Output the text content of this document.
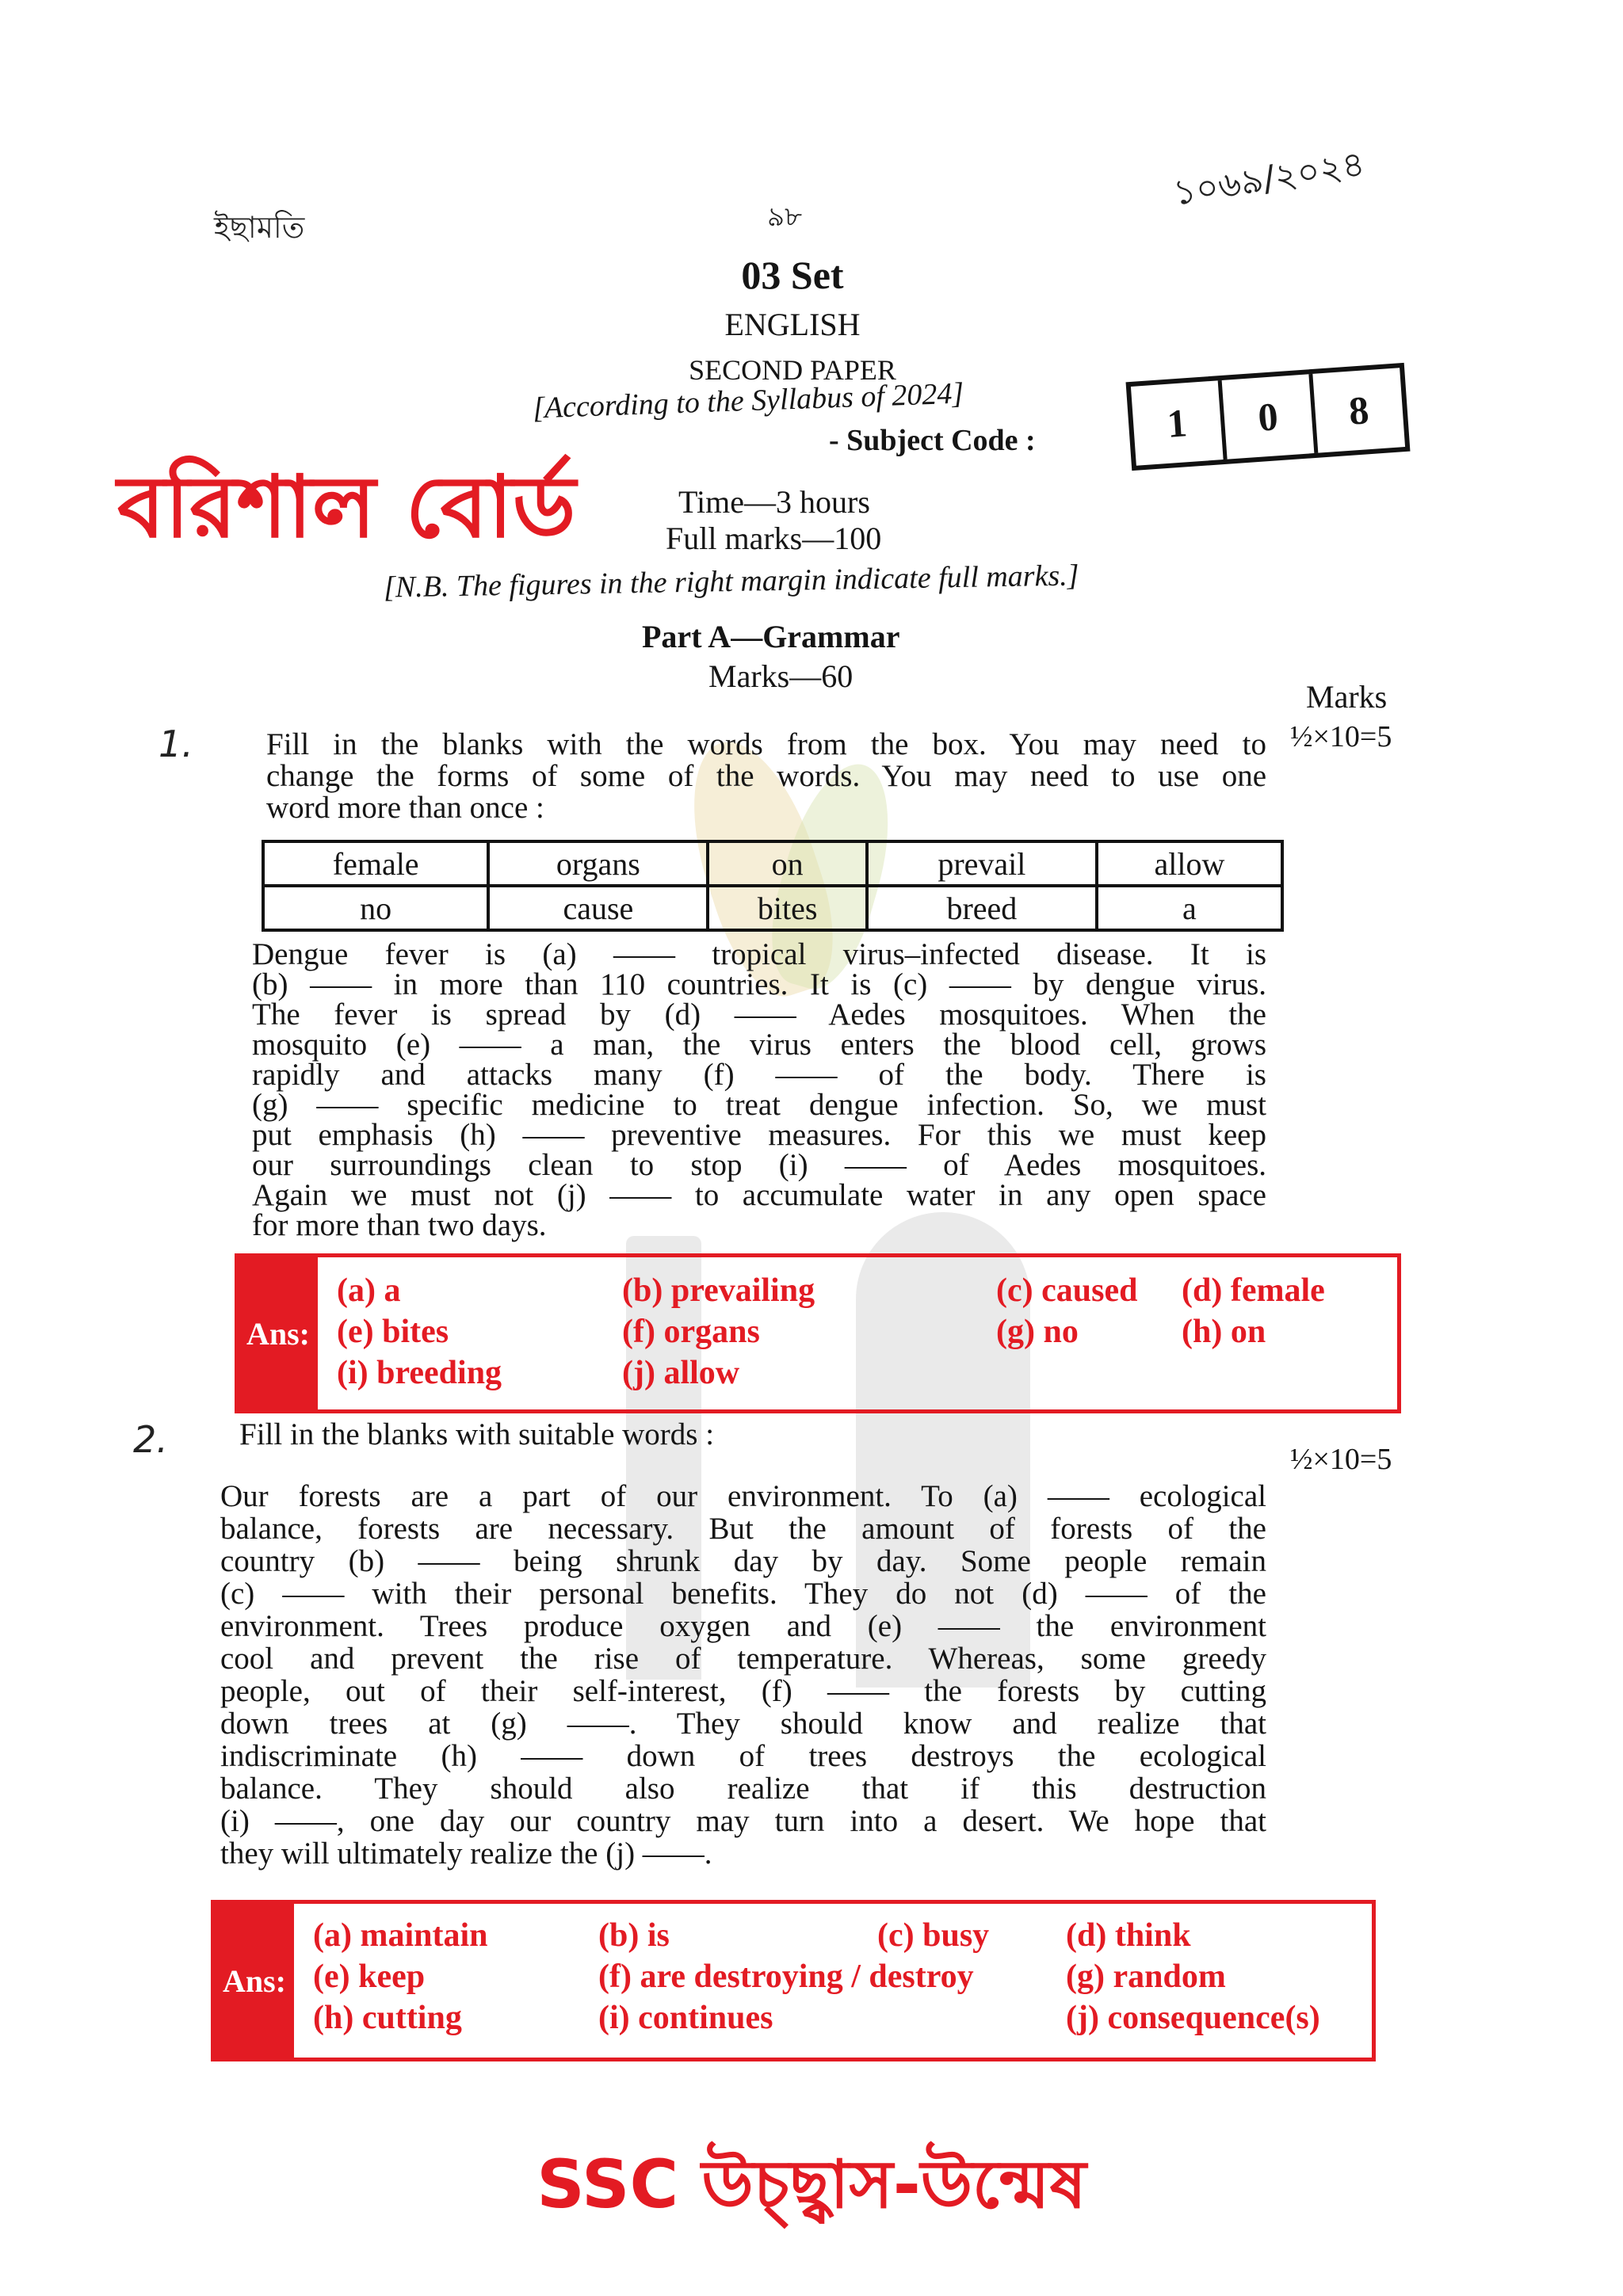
ইছামতি	৯৮
১০৬৯/২০২৪
03 Set
ENGLISH
SECOND PAPER
[According to the Syllabus of 2024]
- Subject Code :	1	0	8
বরিশাল বোর্ড	Time—3 hours
Full marks—100
[N.B. The figures in the right margin indicate full marks.]
Part A—Grammar
Marks—60
Marks
1.	½×10=5
Fill in the blanks with the words from the box. You may need to
change the forms of some of the words. You may need to use one
word more than once :
female	organs	on	prevail	allow
no	cause	bites	breed	a
Dengue fever is (a) —— tropical virus–infected disease. It is
(b) —— in more than 110 countries. It is (c) —— by dengue virus.
The fever is spread by (d) —— Aedes mosquitoes. When the
mosquito (e) —— a man, the virus enters the blood cell, grows
rapidly and attacks many (f) —— of the body. There is
(g) —— specific medicine to treat dengue infection. So, we must
put emphasis (h) —— preventive measures. For this we must keep
our surroundings clean to stop (i) —— of Aedes mosquitoes.
Again we must not (j) —— to accumulate water in any open space
for more than two days.
Ans:
(a) a	(b) prevailing	(c) caused (d) female
(e) bites	(f) organs	(g) no	(h) on
(i) breeding	(j) allow
2. Fill in the blanks with suitable words :
½×10=5
Our forests are a part of our environment. To (a) —— ecological
balance, forests are necessary. But the amount of forests of the
country (b) —— being shrunk day by day. Some people remain
(c) —— with their personal benefits. They do not (d) —— of the
environment. Trees produce oxygen and (e) —— the environment
cool and prevent the rise of temperature. Whereas, some greedy
people, out of their self-interest, (f) —— the forests by cutting
down trees at (g) ——. They should know and realize that
indiscriminate (h) —— down of trees destroys the ecological
balance. They should also realize that if this destruction
(i) ——, one day our country may turn into a desert. We hope that
they will ultimately realize the (j) ——.
Ans:
(a) maintain	(b) is	(c) busy (d) think
(e) keep	(f) are destroying / destroy	(g) random
(h) cutting	(i) continues	(j) consequence(s)
SSC উচ্ছ্বাস-উন্মেষ
